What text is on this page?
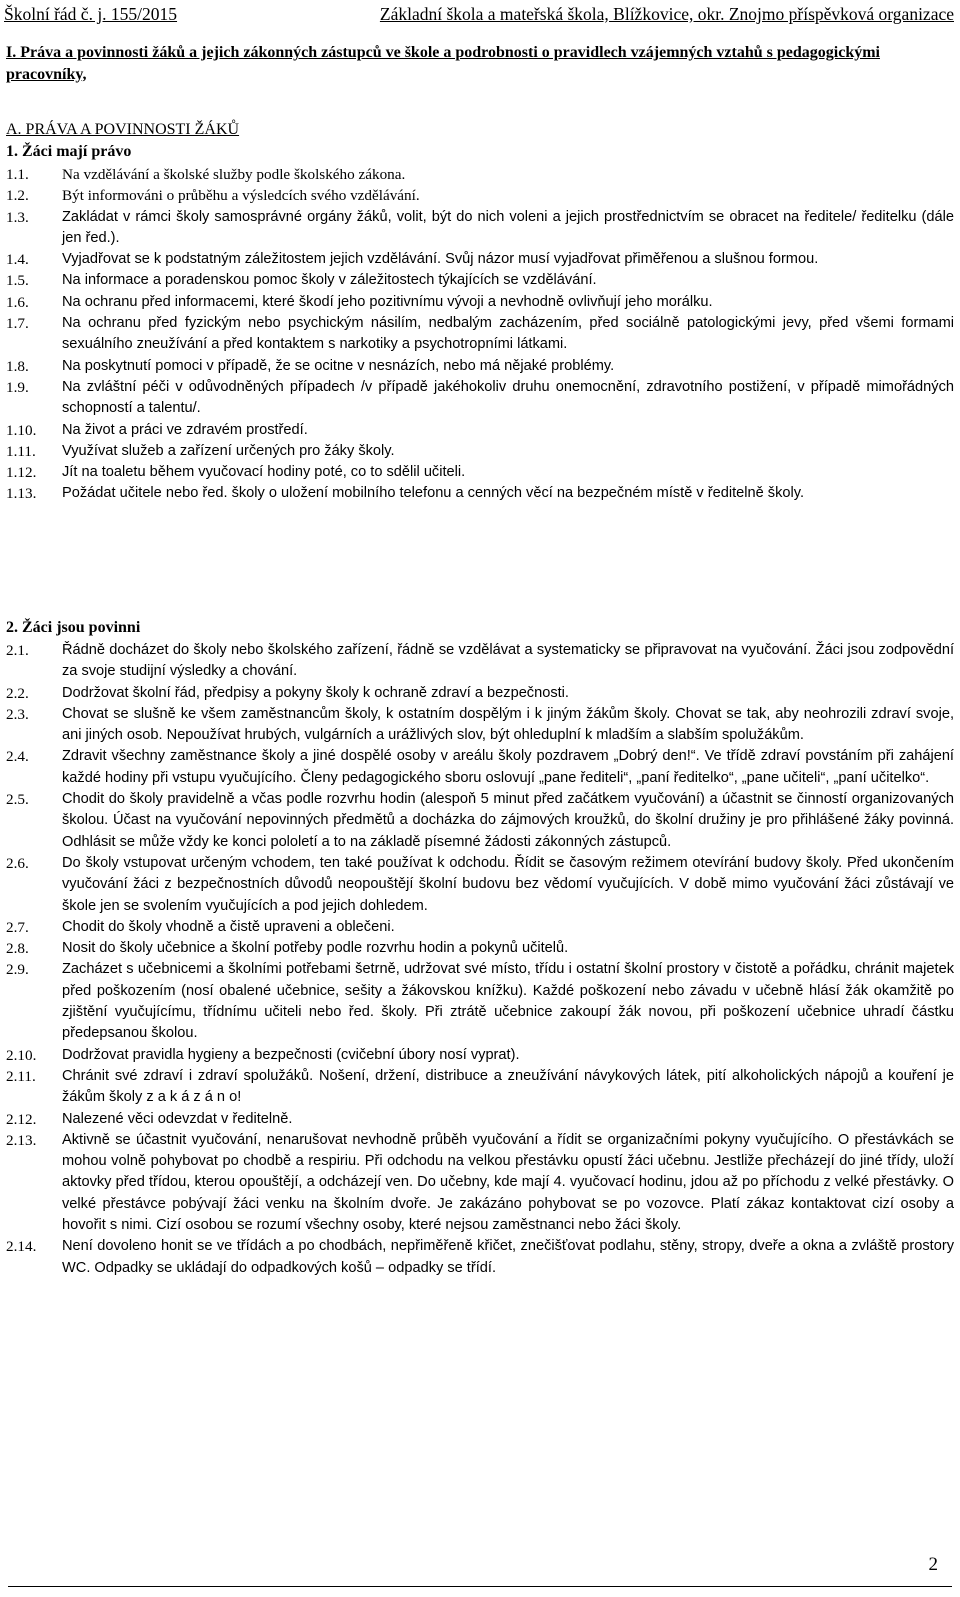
Školní řád č. j. 155/2015	Základní škola a mateřská škola, Blížkovice, okr. Znojmo příspěvková organizace
I. Práva a povinnosti žáků a jejich zákonných zástupců ve škole a podrobnosti o pravidlech vzájemných vztahů s pedagogickými pracovníky,
A. PRÁVA A POVINNOSTI ŽÁKŮ
1. Žáci mají právo
1.1.	Na vzdělávání a školské služby podle školského zákona.
1.2.	Být informováni o průběhu a výsledcích svého vzdělávání.
1.3.	Zakládat v rámci školy samosprávné orgány žáků, volit, být do nich voleni a jejich prostřednictvím se obracet na ředitele/ ředitelku (dále jen řed.).
1.4.	Vyjadřovat se k podstatným záležitostem jejich vzdělávání. Svůj názor musí vyjadřovat přiměřenou a slušnou formou.
1.5.	Na informace a poradenskou pomoc školy v záležitostech týkajících se vzdělávání.
1.6.	Na ochranu před informacemi, které škodí jeho pozitivnímu vývoji a nevhodně ovlivňují jeho morálku.
1.7.	Na ochranu před fyzickým nebo psychickým násilím, nedbalým zacházením, před sociálně patologickými jevy, před všemi formami sexuálního zneužívání a před kontaktem s narkotiky a psychotropními látkami.
1.8.	Na poskytnutí pomoci v případě, že se ocitne v nesnázích, nebo má nějaké problémy.
1.9.	Na zvláštní péči v odůvodněných případech /v případě jakéhokoliv druhu onemocnění, zdravotního postižení, v případě mimořádných schopností a talentu/.
1.10.	Na život a práci ve zdravém prostředí.
1.11.	Využívat služeb a zařízení určených pro žáky školy.
1.12.	Jít na toaletu během vyučovací hodiny poté, co to sdělil učiteli.
1.13.	Požádat učitele nebo řed. školy o uložení mobilního telefonu a cenných věcí na bezpečném místě v ředitelně školy.
2. Žáci jsou povinni
2.1.	Řádně docházet do školy nebo školského zařízení, řádně se vzdělávat a systematicky se připravovat na vyučování. Žáci jsou zodpovědní za svoje studijní výsledky a chování.
2.2.	Dodržovat školní řád, předpisy a pokyny školy k ochraně zdraví a bezpečnosti.
2.3.	Chovat se slušně ke všem zaměstnancům školy, k ostatním dospělým i k jiným žákům školy. Chovat se tak, aby neohrozili zdraví svoje, ani jiných osob. Nepoužívat hrubých, vulgárních a urážlivých slov, být ohleduplní k mladším a slabším spolužákům.
2.4.	Zdravit všechny zaměstnance školy a jiné dospělé osoby v areálu školy pozdravem „Dobrý den!“. Ve třídě zdraví povstáním při zahájení každé hodiny při vstupu vyučujícího. Členy pedagogického sboru oslovují „pane řediteli“, „paní ředitelko“, „pane učiteli“, „paní učitelko“.
2.5.	Chodit do školy pravidelně a včas podle rozvrhu hodin (alespoň 5 minut před začátkem vyučování) a účastnit se činností organizovaných školou. Účast na vyučování nepovinných předmětů a docházka do zájmových kroužků, do školní družiny je pro přihlášené žáky povinná. Odhlásit se může vždy ke konci pololetí a to na základě písemné žádosti zákonných zástupců.
2.6.	Do školy vstupovat určeným vchodem, ten také používat k odchodu. Řídit se časovým režimem otevírání budovy školy. Před ukončením vyučování žáci z bezpečnostních důvodů neopouštějí školní budovu bez vědomí vyučujících. V době mimo vyučování žáci zůstávají ve škole jen se svolením vyučujících a pod jejich dohledem.
2.7.	Chodit do školy vhodně a čistě upraveni a oblečeni.
2.8.	Nosit do školy učebnice a školní potřeby podle rozvrhu hodin a pokynů učitelů.
2.9.	Zacházet s učebnicemi a školními potřebami šetrně, udržovat své místo, třídu i ostatní školní prostory v čistotě a pořádku, chránit majetek před poškozením (nosí obalené učebnice, sešity a žákovskou knížku). Každé poškození nebo závadu v učebně hlásí žák okamžitě po zjištění vyučujícímu, třídnímu učiteli nebo řed. školy. Při ztrátě učebnice zakoupí žák novou, při poškození učebnice uhradí částku předepsanou školou.
2.10.	Dodržovat pravidla hygieny a bezpečnosti (cvičební úbory nosí vyprat).
2.11.	Chránit své zdraví i zdraví spolužáků. Nošení, držení, distribuce a zneužívání návykových látek, pití alkoholických nápojů a kouření je žákům školy z a k á z á n o!
2.12.	Nalezené věci odevzdat v ředitelně.
2.13.	Aktivně se účastnit vyučování, nenarušovat nevhodně průběh vyučování a řídit se organizačními pokyny vyučujícího. O přestávkách se mohou volně pohybovat po chodbě a respiriu. Při odchodu na velkou přestávku opustí žáci učebnu. Jestliže přecházejí do jiné třídy, uloží aktovky před třídou, kterou opouštějí, a odcházejí ven. Do učebny, kde mají 4. vyučovací hodinu, jdou až po příchodu z velké přestávky. O velké přestávce pobývají žáci venku na školním dvoře. Je zakázáno pohybovat se po vozovce. Platí zákaz kontaktovat cizí osoby a hovořit s nimi. Cizí osobou se rozumí všechny osoby, které nejsou zaměstnanci nebo žáci školy.
2.14.	Není dovoleno honit se ve třídách a po chodbách, nepřiměřeně křičet, znečišťovat podlahu, stěny, stropy, dveře a okna a zvláště prostory WC. Odpadky se ukládají do odpadkových košů – odpadky se třídí.
2
